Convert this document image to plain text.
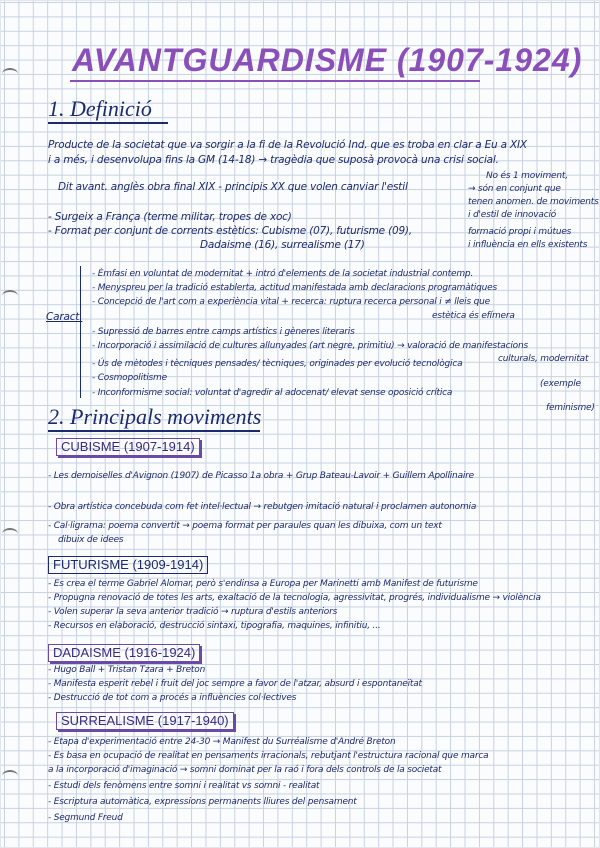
AVANTGUARDISME (1907-1924)
1. Definició
Producte de la societat que va sorgir a la fi de la Revolució Ind. que es troba en clar a Eu a XIX
i a més, i desenvolupa fins la GM (14-18) → tragèdia que suposà provocà una crisi social.
Dit avant. anglès obra final XIX - principis XX que volen canviar l'estil
No és 1 moviment,
→ són en conjunt que
tenen anomen. de moviments
i d'estil de innovació
- Surgeix a França (terme militar, tropes de xoc)
- Format per conjunt de corrents estètics: Cubisme (07), futurisme (09),
Dadaisme (16), surrealisme (17)
formació propi i mútues
i influència en ells existents
Caract.
- Èmfasi en voluntat de modernitat + intró d'elements de la societat industrial contemp.
- Menyspreu per la tradició establerta, actitud manifestada amb declaracions programàtiques
- Concepció de l'art com a experiència vital + recerca: ruptura recerca personal i ≠ lleis que
estètica és efímera
- Supressió de barres entre camps artístics i gèneres literaris
- Incorporació i assimilació de cultures allunyades (art negre, primitiu) → valoració de manifestacions
culturals, modernitat
- Ús de mètodes i tècniques pensades/ tècniques, originades per evolució tecnològica
- Cosmopolitisme
- Inconformisme social: voluntat d'agredir al adocenat/ elevat sense oposició crítica
(exemple
feminisme)
2. Principals moviments
CUBISME (1907-1914)
- Les demoiselles d'Avignon (1907) de Picasso 1a obra + Grup Bateau-Lavoir + Guillem Apollinaire
- Obra artística concebuda com fet intel·lectual → rebutgen imitació natural i proclamen autonomia
- Cal·ligrama: poema convertit → poema format per paraules quan les dibuixa, com un text
dibuix de idees
FUTURISME (1909-1914)
- Es crea el terme Gabriel Alomar, però s'endinsa a Europa per Marinetti amb Manifest de futurisme
- Propugna renovació de totes les arts, exaltació de la tecnologia, agressivitat, progrés, individualisme → violència
- Volen superar la seva anterior tradició → ruptura d'estils anteriors
- Recursos en elaboració, destrucció sintaxi, tipografia, maquines, infinitiu, ...
DADAISME (1916-1924)
- Hugo Ball + Tristan Tzara + Breton
- Manifesta esperit rebel i fruit del joc sempre a favor de l'atzar, absurd i espontaneïtat
- Destrucció de tot com a procés a influències col·lectives
SURREALISME (1917-1940)
- Etapa d'experimentació entre 24-30 → Manifest du Surréalisme d'André Breton
- Es basa en ocupació de realitat en pensaments irracionals, rebutjant l'estructura racional que marca
a la incorporació d'imaginació → somni dominat per la raó i fora dels controls de la societat
- Estudi dels fenòmens entre somni i realitat vs somni - realitat
- Escriptura automàtica, expressions permanents lliures del pensament
- Segmund Freud
